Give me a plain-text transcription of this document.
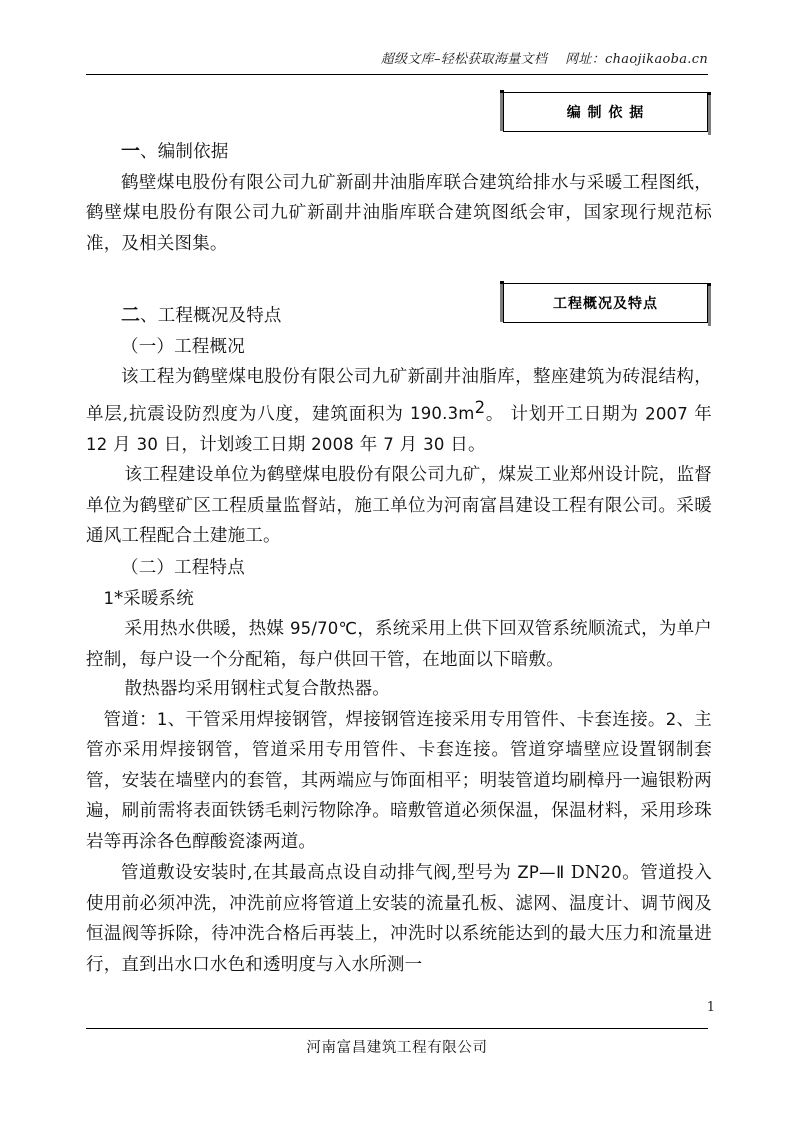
超级文库–轻松获取海量文档 网址：chaojikaoba.cn
编 制 依 据
工程概况及特点

一、编制依据

鹤壁煤电股份有限公司九矿新副井油脂库联合建筑给排水与采暖工程图纸，鹤壁煤电股份有限公司九矿新副井油脂库联合建筑图纸会审，国家现行规范标准，及相关图集。

二、工程概况及特点

（一）工程概况

该工程为鹤壁煤电股份有限公司九矿新副井油脂库，整座建筑为砖混结构，单层,抗震设防烈度为八度，建筑面积为 $190.3m^2$。 计划开工日期为 2007 年 12 月 30 日，计划竣工日期 2008 年 7 月 30 日。

该工程建设单位为鹤壁煤电股份有限公司九矿，煤炭工业郑州设计院，监督单位为鹤壁矿区工程质量监督站，施工单位为河南富昌建设工程有限公司。采暖通风工程配合土建施工。

（二）工程特点

1*采暖系统

采用热水供暖，热媒 95/70℃，系统采用上供下回双管系统顺流式，为单户控制，每户设一个分配箱，每户供回干管，在地面以下暗敷。

散热器均采用钢柱式复合散热器。

管道：1、干管采用焊接钢管，焊接钢管连接采用专用管件、卡套连接。2、主管亦采用焊接钢管，管道采用专用管件、卡套连接。管道穿墙壁应设置钢制套管，安装在墙壁内的套管，其两端应与饰面相平；明装管道均刷樟丹一遍银粉两遍，刷前需将表面铁锈毛刺污物除净。暗敷管道必须保温，保温材料，采用珍珠岩等再涂各色醇酸瓷漆两道。

管道敷设安装时,在其最高点设自动排气阀,型号为 ZP—Ⅱ DN20。管道投入使用前必须冲洗，冲洗前应将管道上安装的流量孔板、滤网、温度计、调节阀及恒温阀等拆除，待冲洗合格后再装上，冲洗时以系统能达到的最大压力和流量进行，直到出水口水色和透明度与入水所测一

1
河南富昌建筑工程有限公司
